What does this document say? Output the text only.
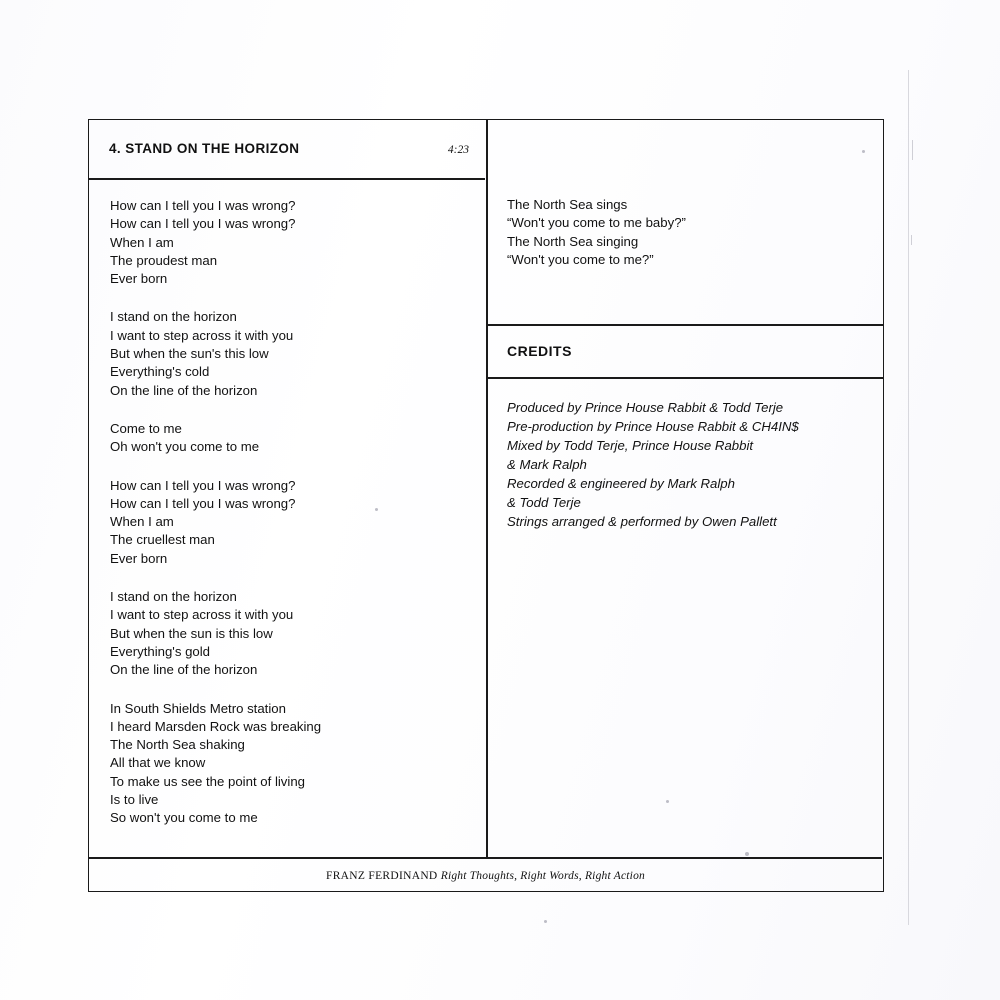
4. STAND ON THE HORIZON	4:23
How can I tell you I was wrong?
How can I tell you I was wrong?
When I am
The proudest man
Ever born
I stand on the horizon
I want to step across it with you
But when the sun's this low
Everything's cold
On the line of the horizon
Come to me
Oh won't you come to me
How can I tell you I was wrong?
How can I tell you I was wrong?
When I am
The cruellest man
Ever born
I stand on the horizon
I want to step across it with you
But when the sun is this low
Everything's gold
On the line of the horizon
In South Shields Metro station
I heard Marsden Rock was breaking
The North Sea shaking
All that we know
To make us see the point of living
Is to live
So won't you come to me
The North Sea sings
“Won't you come to me baby?”
The North Sea singing
“Won't you come to me?”
CREDITS
Produced by Prince House Rabbit & Todd Terje
Pre-production by Prince House Rabbit & CH4IN$
Mixed by Todd Terje, Prince House Rabbit
& Mark Ralph
Recorded & engineered by Mark Ralph
& Todd Terje
Strings arranged & performed by Owen Pallett
FRANZ FERDINAND Right Thoughts, Right Words, Right Action
